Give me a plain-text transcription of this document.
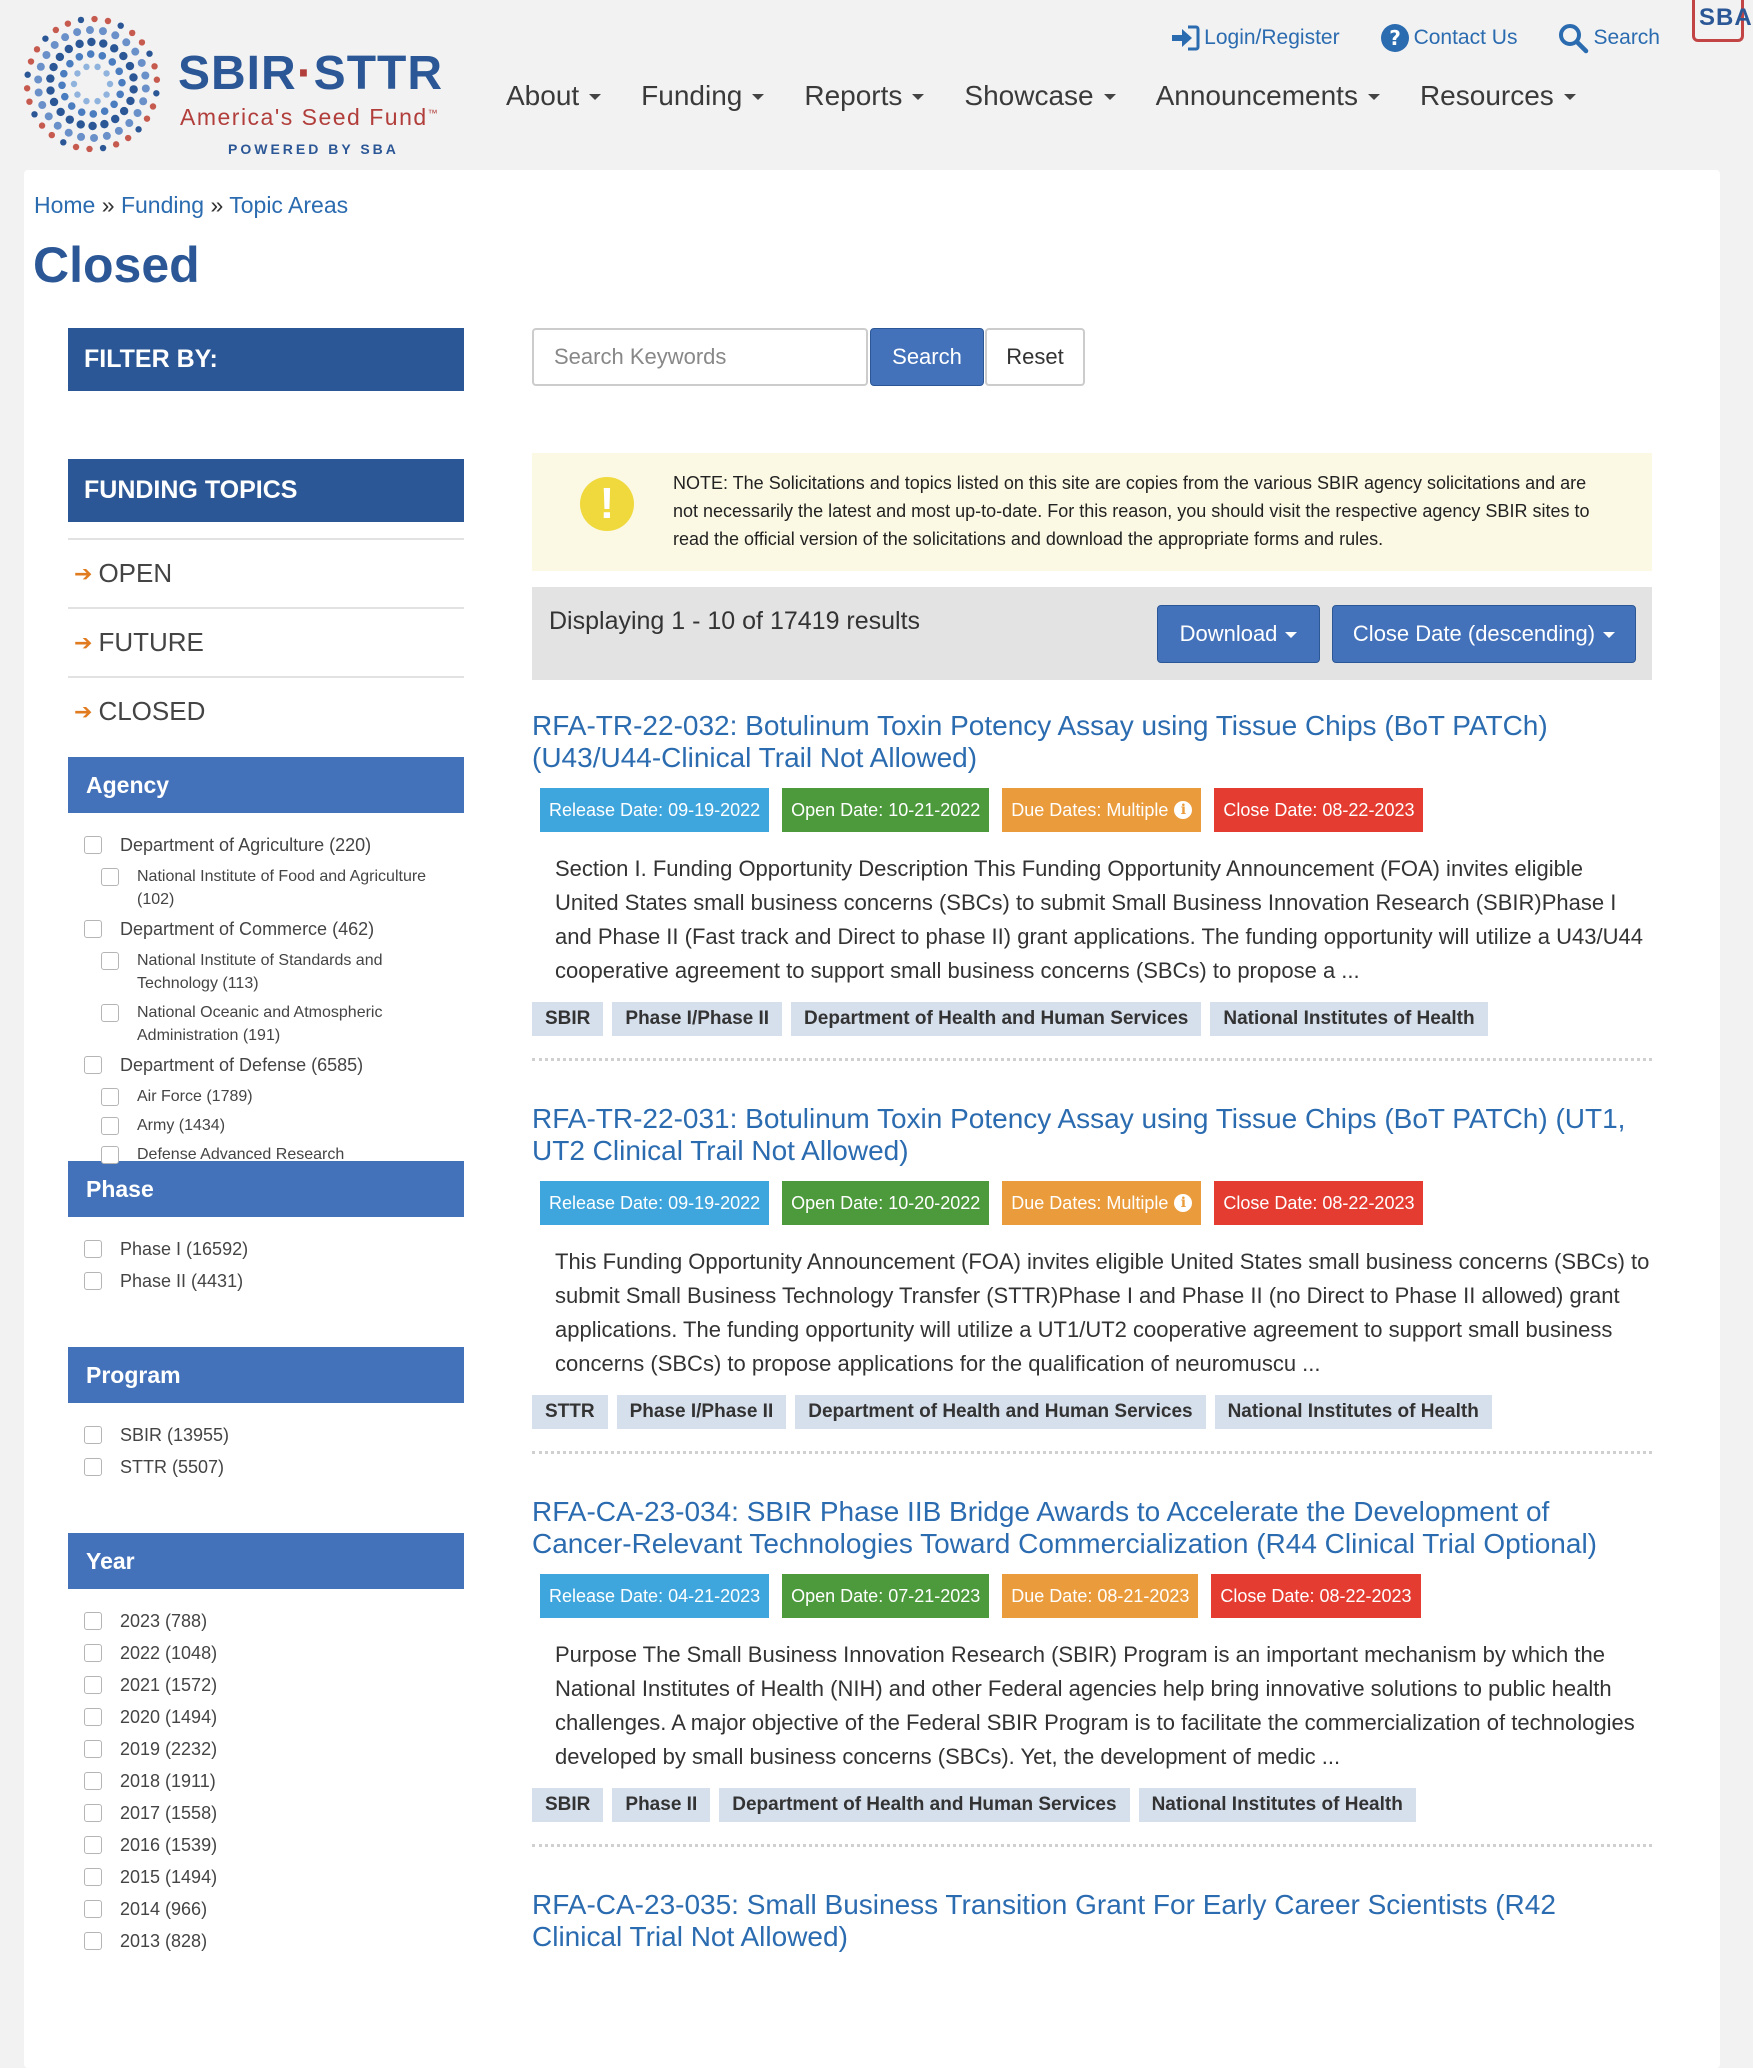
SBIR·STTR
America's Seed Fund™
POWERED BY SBA
Login/Register ? Contact Us	Search
SBA
About Funding Reports Showcase Announcements Resources
Home » Funding » Topic Areas
Closed
FILTER BY:
FUNDING TOPICS
➔ OPEN
➔ FUTURE
➔ CLOSED
Agency
Department of Agriculture (220)
National Institute of Food and Agriculture (102)
Department of Commerce (462)
National Institute of Standards and Technology (113)
National Oceanic and Atmospheric Administration (191)
Department of Defense (6585)
Air Force (1789)
Army (1434)
Defense Advanced Research
Phase
Phase I (16592)
Phase II (4431)
Program
SBIR (13955)
STTR (5507)
Year
2023 (788)
2022 (1048)
2021 (1572)
2020 (1494)
2019 (2232)
2018 (1911)
2017 (1558)
2016 (1539)
2015 (1494)
2014 (966)
2013 (828)
Search Keywords
Search	Reset
!	NOTE: The Solicitations and topics listed on this site are copies from the various SBIR agency solicitations and are not necessarily the latest and most up-to-date. For this reason, you should visit the respective agency SBIR sites to read the official version of the solicitations and download the appropriate forms and rules.
Displaying 1 - 10 of 17419 results	Download	Close Date (descending)
RFA-TR-22-032: Botulinum Toxin Potency Assay using Tissue Chips (BoT PATCh) (U43/U44-Clinical Trail Not Allowed)
Release Date: 09-19-2022	Open Date: 10-21-2022	Due Dates: Multiple i	Close Date: 08-22-2023
Section I. Funding Opportunity Description This Funding Opportunity Announcement (FOA) invites eligible United States small business concerns (SBCs) to submit Small Business Innovation Research (SBIR)Phase I and Phase II (Fast track and Direct to phase II) grant applications. The funding opportunity will utilize a U43/U44 cooperative agreement to support small business concerns (SBCs) to propose a ...
SBIR	Phase I/Phase II	Department of Health and Human Services	National Institutes of Health
RFA-TR-22-031: Botulinum Toxin Potency Assay using Tissue Chips (BoT PATCh) (UT1, UT2 Clinical Trail Not Allowed)
Release Date: 09-19-2022	Open Date: 10-20-2022	Due Dates: Multiple i	Close Date: 08-22-2023
This Funding Opportunity Announcement (FOA) invites eligible United States small business concerns (SBCs) to submit Small Business Technology Transfer (STTR)Phase I and Phase II (no Direct to Phase II allowed) grant applications. The funding opportunity will utilize a UT1/UT2 cooperative agreement to support small business concerns (SBCs) to propose applications for the qualification of neuromuscu ...
STTR	Phase I/Phase II	Department of Health and Human Services	National Institutes of Health
RFA-CA-23-034: SBIR Phase IIB Bridge Awards to Accelerate the Development of Cancer-Relevant Technologies Toward Commercialization (R44 Clinical Trial Optional)
Release Date: 04-21-2023	Open Date: 07-21-2023	Due Date: 08-21-2023	Close Date: 08-22-2023
Purpose The Small Business Innovation Research (SBIR) Program is an important mechanism by which the National Institutes of Health (NIH) and other Federal agencies help bring innovative solutions to public health challenges. A major objective of the Federal SBIR Program is to facilitate the commercialization of technologies developed by small business concerns (SBCs). Yet, the development of medic ...
SBIR	Phase II	Department of Health and Human Services	National Institutes of Health
RFA-CA-23-035: Small Business Transition Grant For Early Career Scientists (R42 Clinical Trial Not Allowed)
